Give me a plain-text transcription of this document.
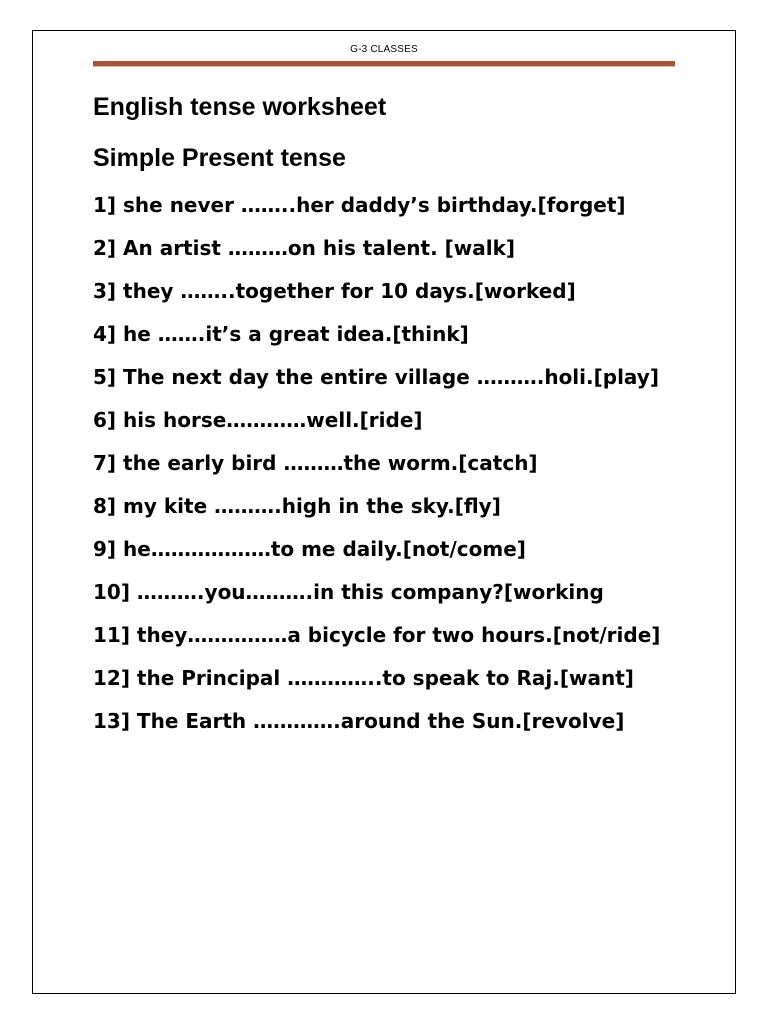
G-3 CLASSES
English tense worksheet
Simple Present tense
1] she never ……..her daddy’s birthday.[forget]
2] An artist ………on his talent. [walk]
3] they ……..together for 10 days.[worked]
4] he …….it’s a great idea.[think]
5] The next day the entire village ……….holi.[play]
6] his horse…………well.[ride]
7] the early bird ………the worm.[catch]
8] my kite ……….high in the sky.[fly]
9] he………………to me daily.[not/come]
10] ……….you……….in this company?[working
11] they……………a bicycle for two hours.[not/ride]
12] the Principal …………..to speak to Raj.[want]
13] The Earth ………….around the Sun.[revolve]
